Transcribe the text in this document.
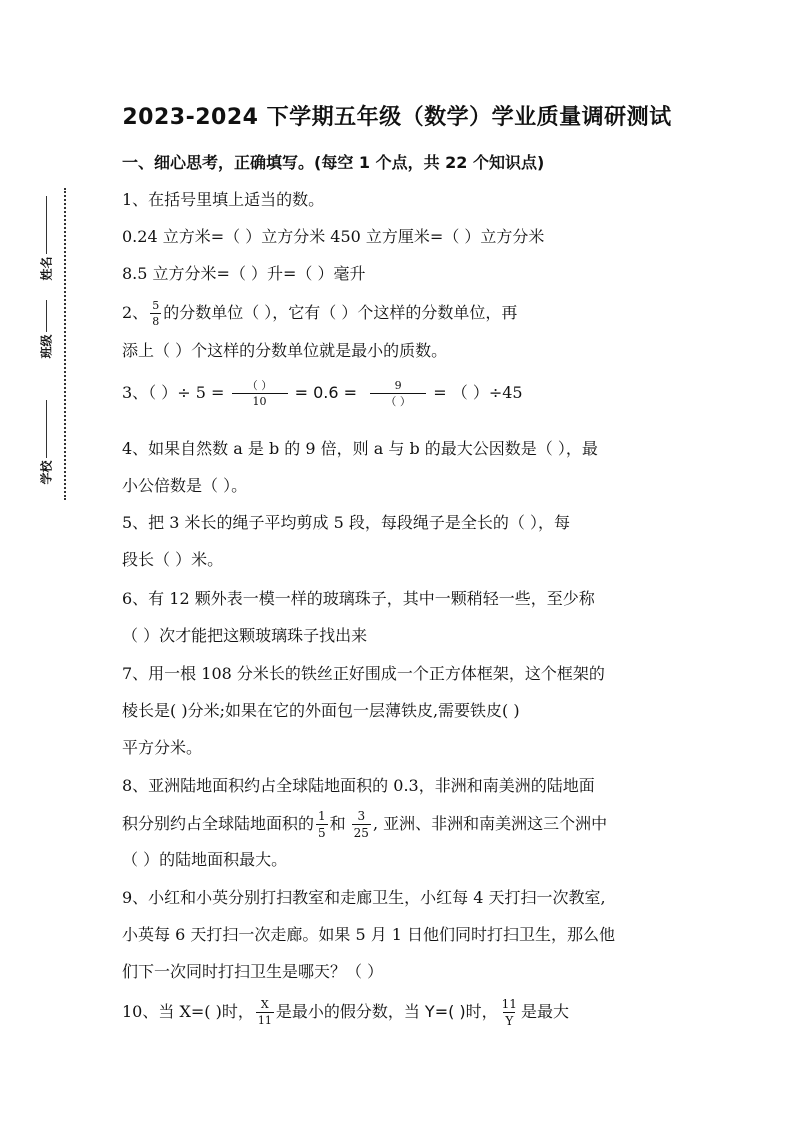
姓名
班级
学校
2023-2024 下学期五年级（数学）学业质量调研测试
一、细心思考，正确填写。(每空 1 个点，共 22 个知识点)
1、在括号里填上适当的数。
0.24 立方米=（ ）立方分米 450 立方厘米=（ ）立方分米
8.5 立方分米=（ ）升=（ ）毫升
2、 $\frac{5}{8}$ 的分数单位（ ），它有（ ）个这样的分数单位，再
添上（ ）个这样的分数单位就是最小的质数。
3、（ ）÷ $5 = \frac{( )}{10} = 0.6 = \frac{9}{( )}$ = （ ）÷45
4、如果自然数 a 是 b 的 9 倍，则 a 与 b 的最大公因数是（ ），最
小公倍数是（ ）。
5、把 3 米长的绳子平均剪成 5 段，每段绳子是全长的（ ），每
段长（ ）米。
6、有 12 颗外表一模一样的玻璃珠子，其中一颗稍轻一些，至少称
（ ）次才能把这颗玻璃珠子找出来
7、用一根 108 分米长的铁丝正好围成一个正方体框架，这个框架的
棱长是( )分米;如果在它的外面包一层薄铁皮,需要铁皮( )
平方分米。
8、亚洲陆地面积约占全球陆地面积的 0.3，非洲和南美洲的陆地面
积分别约占全球陆地面积的 $\frac{1}{5}$ 和 $\frac{3}{25}$ , 亚洲、非洲和南美洲这三个洲中
（ ）的陆地面积最大。
9、小红和小英分别打扫教室和走廊卫生，小红每 4 天打扫一次教室,
小英每 6 天打扫一次走廊。如果 5 月 1 日他们同时打扫卫生，那么他
们下一次同时打扫卫生是哪天？（ ）
10、当 X=( )时， $\frac{X}{11}$ 是最小的假分数，当 Y=( )时， $\frac{11}{Y}$ 是最大
